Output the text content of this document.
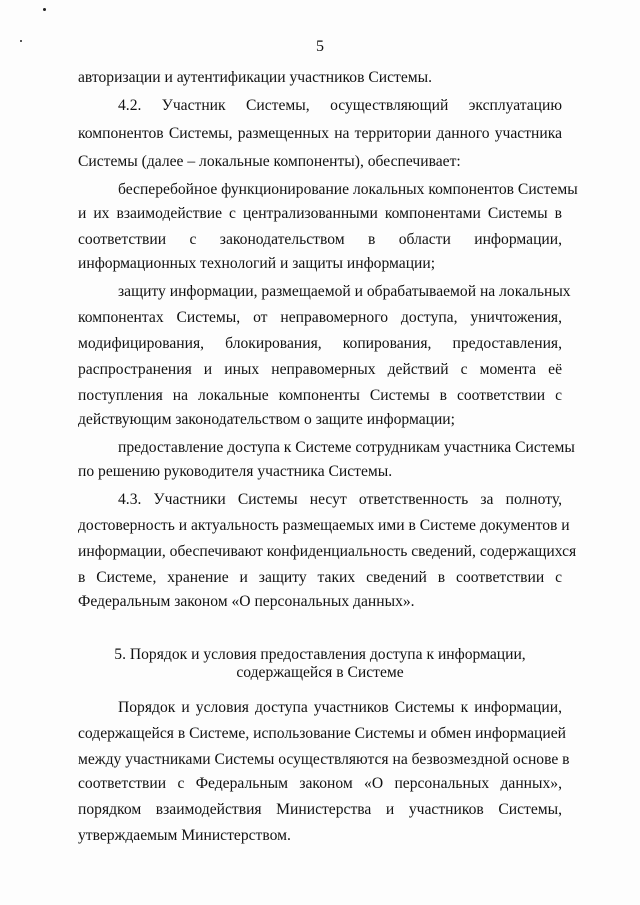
5
авторизации и аутентификации участников Системы.
4.2. Участник Системы, осуществляющий эксплуатацию
компонентов Системы, размещенных на территории данного участника
Системы (далее – локальные компоненты), обеспечивает:
бесперебойное функционирование локальных компонентов Системы
и их взаимодействие с централизованными компонентами Системы в
соответствии с законодательством в области информации,
информационных технологий и защиты информации;
защиту информации, размещаемой и обрабатываемой на локальных
компонентах Системы, от неправомерного доступа, уничтожения,
модифицирования, блокирования, копирования, предоставления,
распространения и иных неправомерных действий с момента её
поступления на локальные компоненты Системы в соответствии с
действующим законодательством о защите информации;
предоставление доступа к Системе сотрудникам участника Системы
по решению руководителя участника Системы.
4.3. Участники Системы несут ответственность за полноту,
достоверность и актуальность размещаемых ими в Системе документов и
информации, обеспечивают конфиденциальность сведений, содержащихся
в Системе, хранение и защиту таких сведений в соответствии с
Федеральным законом «О персональных данных».
5. Порядок и условия предоставления доступа к информации,
содержащейся в Системе
Порядок и условия доступа участников Системы к информации,
содержащейся в Системе, использование Системы и обмен информацией
между участниками Системы осуществляются на безвозмездной основе в
соответствии с Федеральным законом «О персональных данных»,
порядком взаимодействия Министерства и участников Системы,
утверждаемым Министерством.
